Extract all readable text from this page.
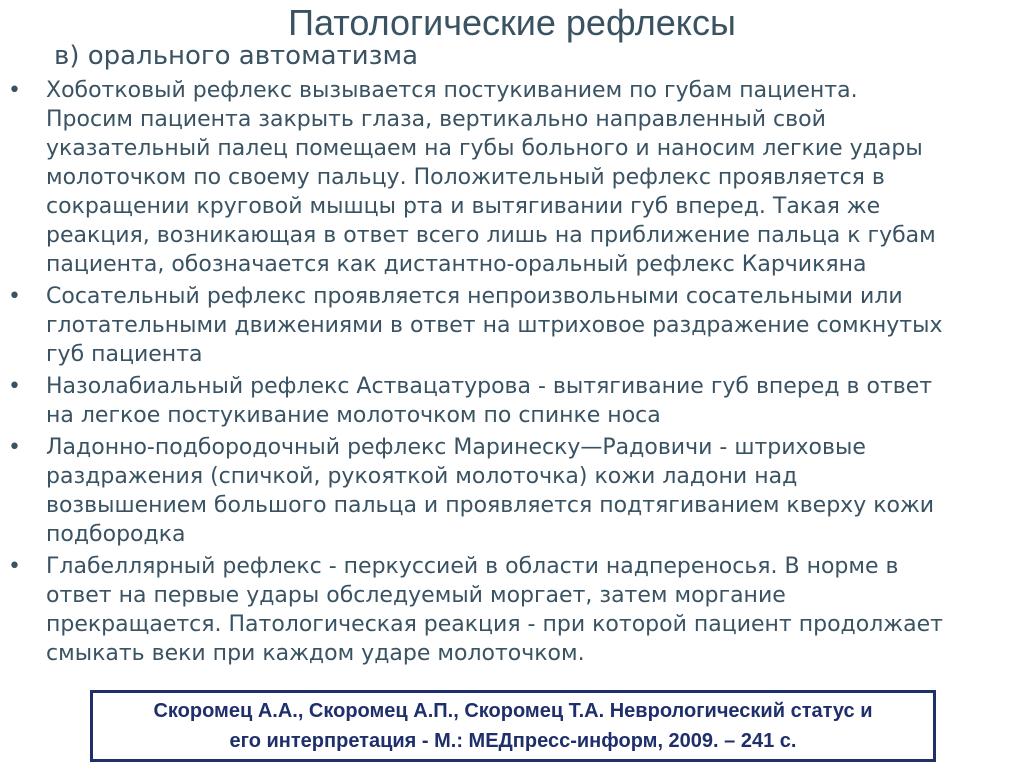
Патологические рефлексы
в) орального автоматизма
•	Хоботковый рефлекс вызывается постукиванием по губам пациента.
Просим пациента закрыть глаза, вертикально направленный свой
указательный палец помещаем на губы больного и наносим легкие удары
молоточком по своему пальцу. Положительный рефлекс проявляется в
сокращении круговой мышцы рта и вытягивании губ вперед. Такая же
реакция, возникающая в ответ всего лишь на приближение пальца к губам
пациента, обозначается как дистантно-оральный рефлекс Карчикяна
•	Сосательный рефлекс проявляется непроизвольными сосательными или
глотательными движениями в ответ на штриховое раздражение сомкнутых
губ пациента
•	Назолабиальный рефлекс Аствацатурова - вытягивание губ вперед в ответ
на легкое постукивание молоточком по спинке носа
•	Ладонно-подбородочный рефлекс Маринеску—Радовичи - штриховые
раздражения (спичкой, рукояткой молоточка) кожи ладони над
возвышением большого пальца и проявляется подтягиванием кверху кожи
подбородка
•	Глабеллярный рефлекс - перкуссией в области надпереносья. В норме в
ответ на первые удары обследуемый моргает, затем моргание
прекращается. Патологическая реакция - при которой пациент продолжает
смыкать веки при каждом ударе молоточком.
Скоромец А.А., Скоромец А.П., Скоромец Т.А. Неврологический статус и
его интерпретация - М.: МЕДпресс-информ, 2009. – 241 с.
